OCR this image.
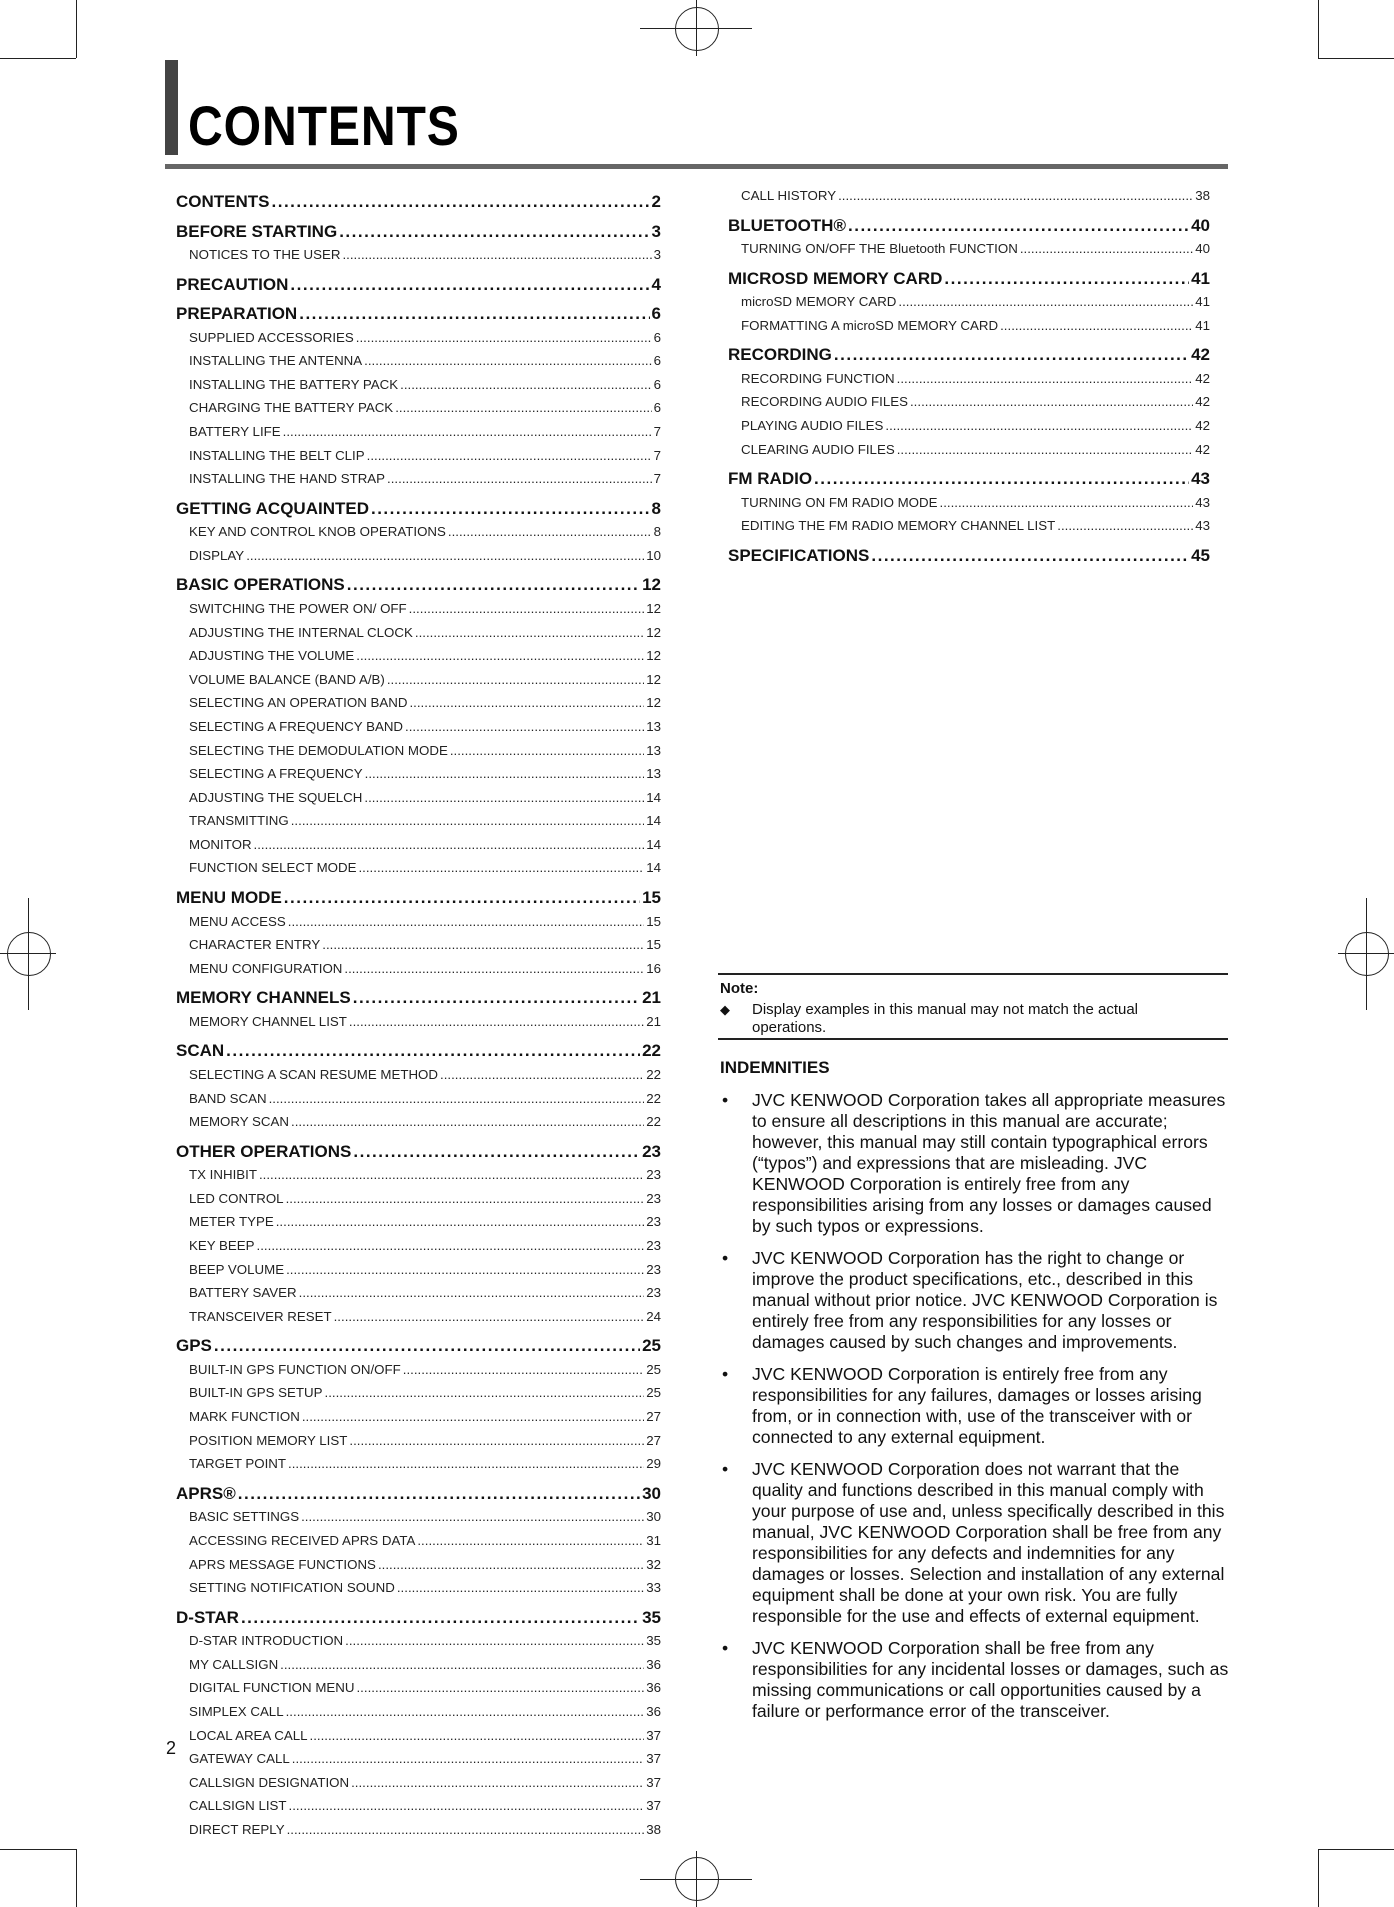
CONTENTS
CONTENTS .....	2
BEFORE STARTING .....	3
NOTICES TO THE USER .....	3
PRECAUTION .....	4
PREPARATION .....	6
SUPPLIED ACCESSORIES .....	6
INSTALLING THE ANTENNA .....	6
INSTALLING THE BATTERY PACK .....	6
CHARGING THE BATTERY PACK .....	6
BATTERY LIFE .....	7
INSTALLING THE BELT CLIP .....	7
INSTALLING THE HAND STRAP .....	7
GETTING ACQUAINTED .....	8
KEY AND CONTROL KNOB OPERATIONS .....	8
DISPLAY .....	10
BASIC OPERATIONS .....	12
SWITCHING THE POWER ON/ OFF .....	12
ADJUSTING THE INTERNAL CLOCK .....	12
ADJUSTING THE VOLUME .....	12
VOLUME BALANCE (BAND A/B) .....	12
SELECTING AN OPERATION BAND .....	12
SELECTING A FREQUENCY BAND .....	13
SELECTING THE DEMODULATION MODE .....	13
SELECTING A FREQUENCY .....	13
ADJUSTING THE SQUELCH .....	14
TRANSMITTING .....	14
MONITOR .....	14
FUNCTION SELECT MODE .....	14
MENU MODE .....	15
MENU ACCESS .....	15
CHARACTER ENTRY .....	15
MENU CONFIGURATION .....	16
MEMORY CHANNELS .....	21
MEMORY CHANNEL LIST .....	21
SCAN .....	22
SELECTING A SCAN RESUME METHOD .....	22
BAND SCAN .....	22
MEMORY SCAN .....	22
OTHER OPERATIONS .....	23
TX INHIBIT .....	23
LED CONTROL .....	23
METER TYPE .....	23
KEY BEEP .....	23
BEEP VOLUME .....	23
BATTERY SAVER .....	23
TRANSCEIVER RESET .....	24
GPS .....	25
BUILT-IN GPS FUNCTION ON/OFF .....	25
BUILT-IN GPS SETUP .....	25
MARK FUNCTION .....	27
POSITION MEMORY LIST .....	27
TARGET POINT .....	29
APRS® .....	30
BASIC SETTINGS .....	30
ACCESSING RECEIVED APRS DATA .....	31
APRS MESSAGE FUNCTIONS .....	32
SETTING NOTIFICATION SOUND .....	33
D-STAR .....	35
D-STAR INTRODUCTION .....	35
MY CALLSIGN .....	36
DIGITAL FUNCTION MENU .....	36
SIMPLEX CALL .....	36
LOCAL AREA CALL .....	37
GATEWAY CALL .....	37
CALLSIGN DESIGNATION .....	37
CALLSIGN LIST .....	37
DIRECT REPLY .....	38
CALL HISTORY .....	38
BLUETOOTH® .....	40
TURNING ON/OFF THE Bluetooth FUNCTION .....	40
MICROSD MEMORY CARD .....	41
microSD MEMORY CARD .....	41
FORMATTING A microSD MEMORY CARD .....	41
RECORDING .....	42
RECORDING FUNCTION .....	42
RECORDING AUDIO FILES .....	42
PLAYING AUDIO FILES .....	42
CLEARING AUDIO FILES .....	42
FM RADIO .....	43
TURNING ON FM RADIO MODE .....	43
EDITING THE FM RADIO MEMORY CHANNEL LIST .....	43
SPECIFICATIONS .....	45
Note:
◆ Display examples in this manual may not match the actual operations.
INDEMNITIES
• JVC KENWOOD Corporation takes all appropriate measures to ensure all descriptions in this manual are accurate; however, this manual may still contain typographical errors (“typos”) and expressions that are misleading. JVC KENWOOD Corporation is entirely free from any responsibilities arising from any losses or damages caused by such typos or expressions.
• JVC KENWOOD Corporation has the right to change or improve the product specifications, etc., described in this manual without prior notice. JVC KENWOOD Corporation is entirely free from any responsibilities for any losses or damages caused by such changes and improvements.
• JVC KENWOOD Corporation is entirely free from any responsibilities for any failures, damages or losses arising from, or in connection with, use of the transceiver with or connected to any external equipment.
• JVC KENWOOD Corporation does not warrant that the quality and functions described in this manual comply with your purpose of use and, unless specifically described in this manual, JVC KENWOOD Corporation shall be free from any responsibilities for any defects and indemnities for any damages or losses. Selection and installation of any external equipment shall be done at your own risk. You are fully responsible for the use and effects of external equipment.
• JVC KENWOOD Corporation shall be free from any responsibilities for any incidental losses or damages, such as missing communications or call opportunities caused by a failure or performance error of the transceiver.
2
